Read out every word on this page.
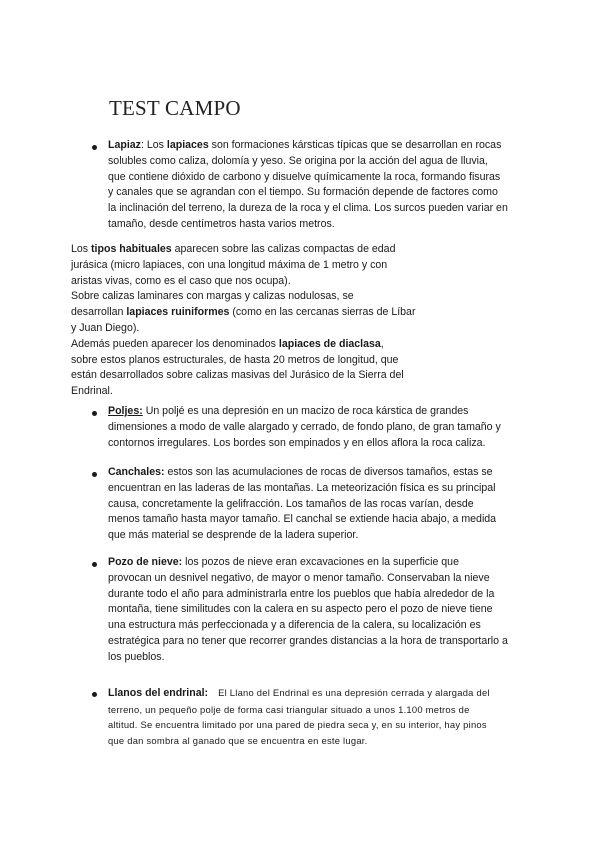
TEST CAMPO
Lapiaz: Los lapiaces son formaciones kársticas típicas que se desarrollan en rocas
solubles como caliza, dolomía y yeso. Se origina por la acción del agua de lluvia,
que contiene dióxido de carbono y disuelve químicamente la roca, formando fisuras
y canales que se agrandan con el tiempo. Su formación depende de factores como
la inclinación del terreno, la dureza de la roca y el clima. Los surcos pueden variar en
tamaño, desde centímetros hasta varios metros.
Los tipos habituales aparecen sobre las calizas compactas de edad
jurásica (micro lapiaces, con una longitud máxima de 1 metro y con
aristas vivas, como es el caso que nos ocupa).
Sobre calizas laminares con margas y calizas nodulosas, se
desarrollan lapiaces ruiniformes (como en las cercanas sierras de Líbar
y Juan Diego).
Además pueden aparecer los denominados lapiaces de diaclasa,
sobre estos planos estructurales, de hasta 20 metros de longitud, que
están desarrollados sobre calizas masivas del Jurásico de la Sierra del
Endrinal.
Poljes: Un poljé es una depresión en un macizo de roca kárstica de grandes
dimensiones a modo de valle alargado y cerrado, de fondo plano, de gran tamaño y
contornos irregulares. Los bordes son empinados y en ellos aflora la roca caliza.
Canchales: estos son las acumulaciones de rocas de diversos tamaños, estas se
encuentran en las laderas de las montañas. La meteorización física es su principal
causa, concretamente la gelifracción. Los tamaños de las rocas varían, desde
menos tamaño hasta mayor tamaño. El canchal se extiende hacia abajo, a medida
que más material se desprende de la ladera superior.
Pozo de nieve: los pozos de nieve eran excavaciones en la superficie que
provocan un desnivel negativo, de mayor o menor tamaño. Conservaban la nieve
durante todo el año para administrarla entre los pueblos que había alrededor de la
montaña, tiene similitudes con la calera en su aspecto pero el pozo de nieve tiene
una estructura más perfeccionada y a diferencia de la calera, su localización es
estratégica para no tener que recorrer grandes distancias a la hora de transportarlo a
los pueblos.
Llanos del endrinal: El Llano del Endrinal es una depresión cerrada y alargada del
terreno, un pequeño polje de forma casi triangular situado a unos 1.100 metros de
altitud. Se encuentra limitado por una pared de piedra seca y, en su interior, hay pinos
que dan sombra al ganado que se encuentra en este lugar.
